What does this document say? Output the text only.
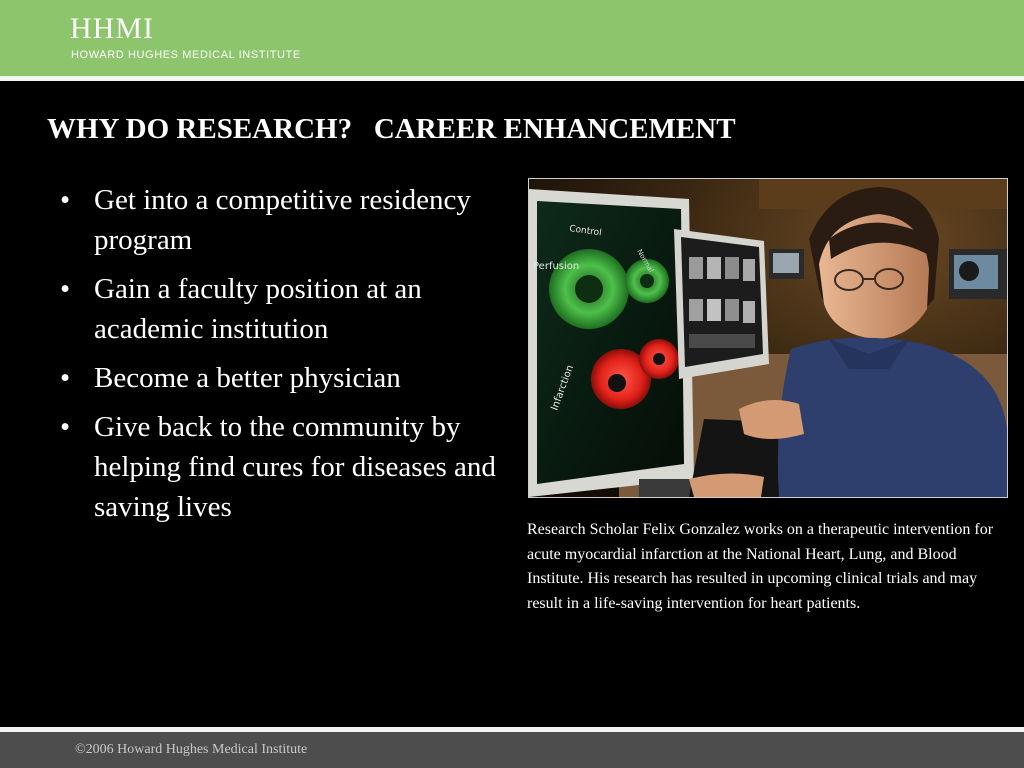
HHMI
HOWARD HUGHES MEDICAL INSTITUTE
WHY DO RESEARCH?   CAREER ENHANCEMENT
• Get into a competitive residency program
• Gain a faculty position at an academic institution
• Become a better physician
• Give back to the community by helping find cures for diseases and saving lives
Control
Perfusion
Infarction
Normal
Research Scholar Felix Gonzalez works on a therapeutic intervention for acute myocardial infarction at the National Heart, Lung, and Blood Institute. His research has resulted in upcoming clinical trials and may result in a life-saving intervention for heart patients.
©2006 Howard Hughes Medical Institute
